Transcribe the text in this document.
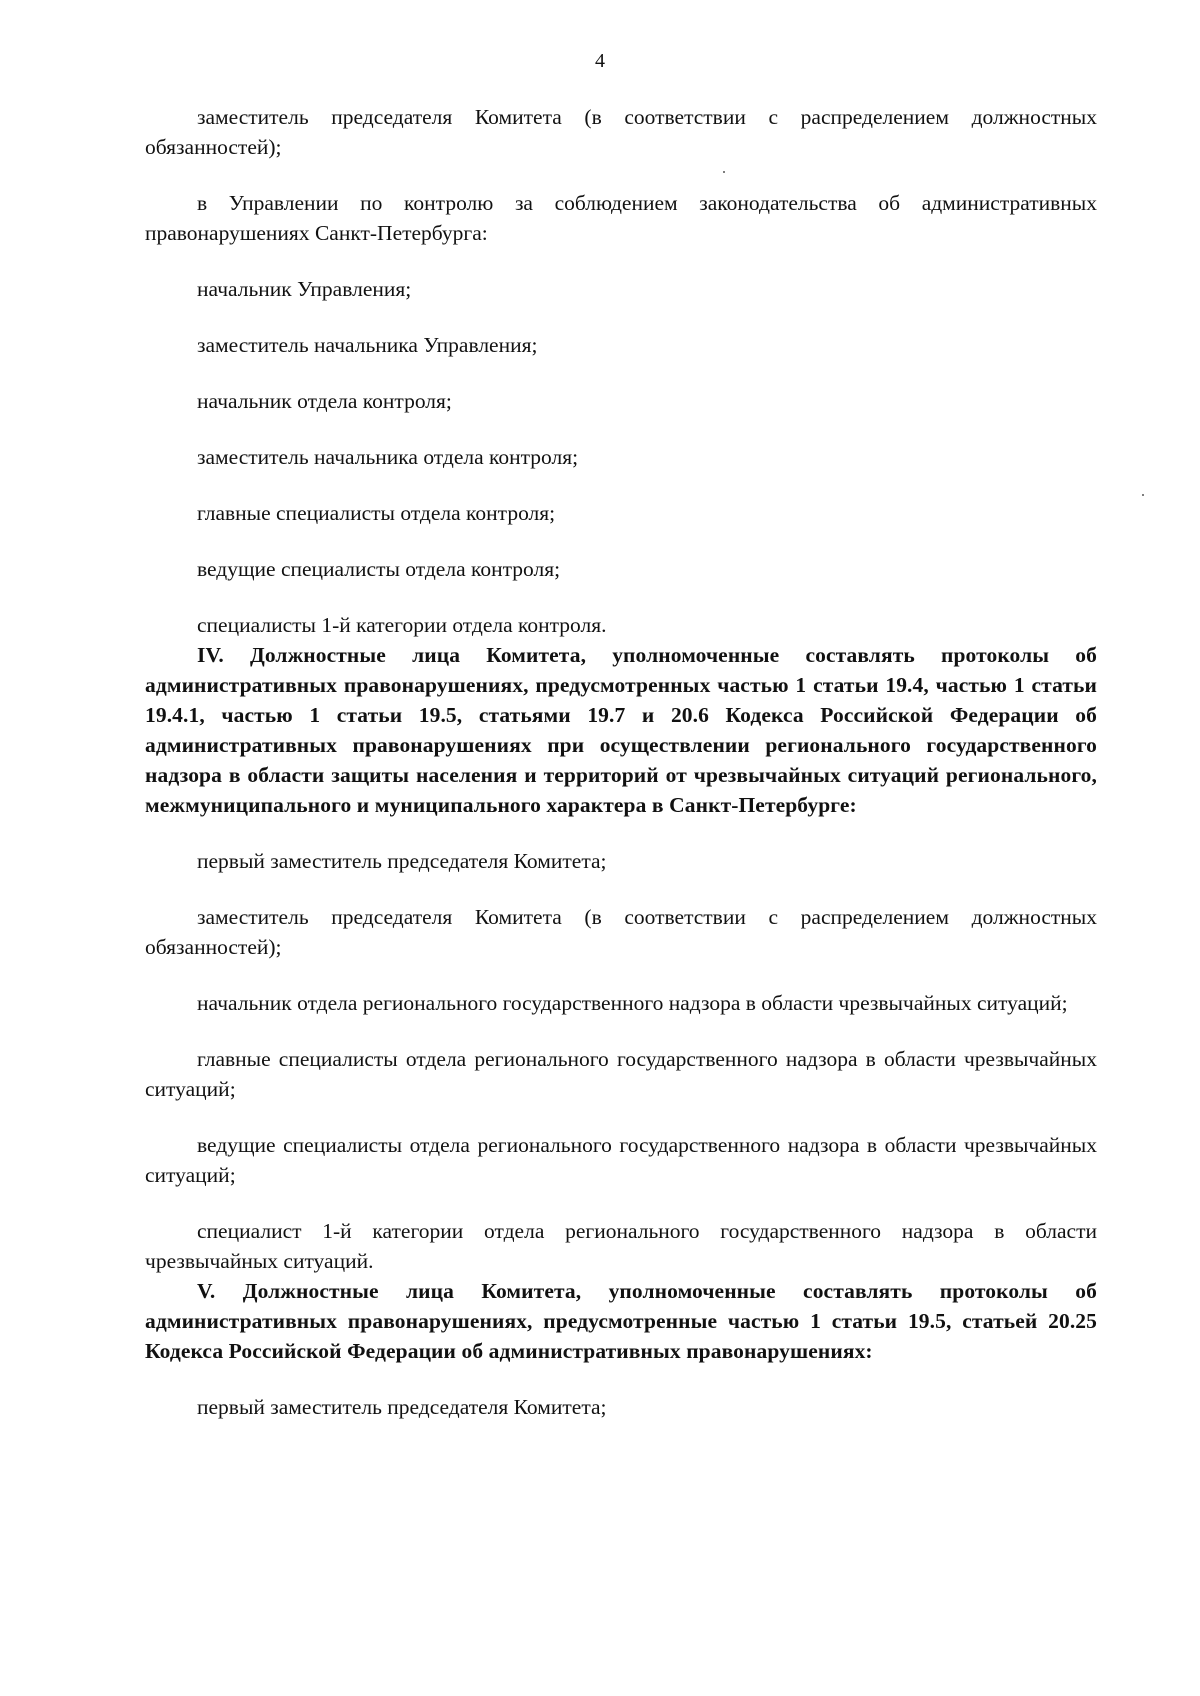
4

заместитель председателя Комитета (в соответствии с распределением должностных обязанностей);

в Управлении по контролю за соблюдением законодательства об административных правонарушениях Санкт-Петербурга:

начальник Управления;

заместитель начальника Управления;

начальник отдела контроля;

заместитель начальника отдела контроля;

главные специалисты отдела контроля;

ведущие специалисты отдела контроля;

специалисты 1-й категории отдела контроля.

IV. Должностные лица Комитета, уполномоченные составлять протоколы об административных правонарушениях, предусмотренных частью 1 статьи 19.4, частью 1 статьи 19.4.1, частью 1 статьи 19.5, статьями 19.7 и 20.6 Кодекса Российской Федерации об административных правонарушениях при осуществлении регионального государственного надзора в области защиты населения и территорий от чрезвычайных ситуаций регионального, межмуниципального и муниципального характера в Санкт-Петербурге:

первый заместитель председателя Комитета;

заместитель председателя Комитета (в соответствии с распределением должностных обязанностей);

начальник отдела регионального государственного надзора в области чрезвычайных ситуаций;

главные специалисты отдела регионального государственного надзора в области чрезвычайных ситуаций;

ведущие специалисты отдела регионального государственного надзора в области чрезвычайных ситуаций;

специалист 1-й категории отдела регионального государственного надзора в области чрезвычайных ситуаций.

V. Должностные лица Комитета, уполномоченные составлять протоколы об административных правонарушениях, предусмотренные частью 1 статьи 19.5, статьей 20.25 Кодекса Российской Федерации об административных правонарушениях:

первый заместитель председателя Комитета;
